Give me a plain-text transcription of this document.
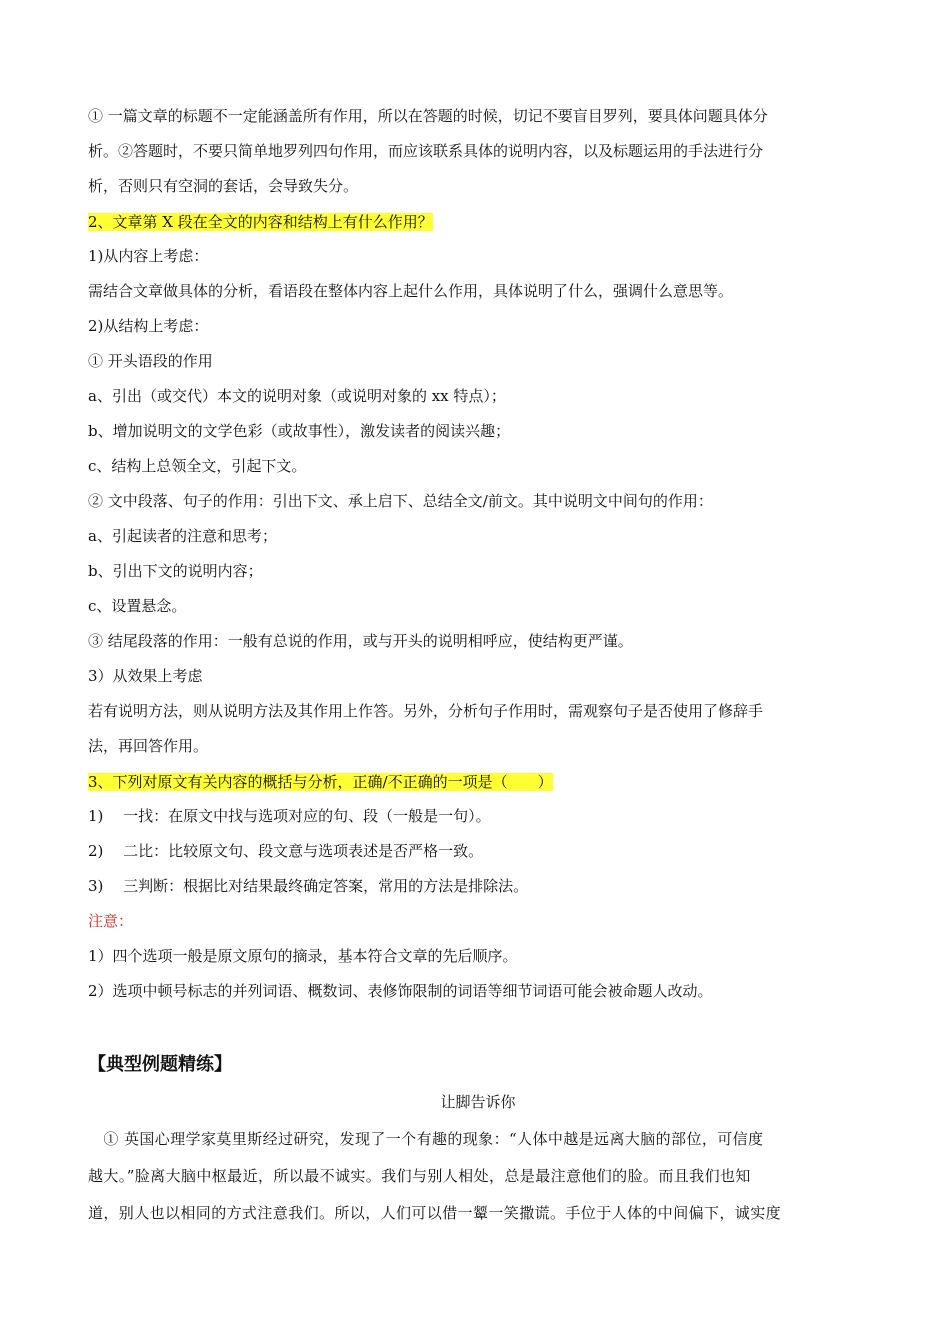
① 一篇文章的标题不一定能涵盖所有作用，所以在答题的时候，切记不要盲目罗列，要具体问题具体分
析。②答题时，不要只简单地罗列四句作用，而应该联系具体的说明内容，以及标题运用的手法进行分
析，否则只有空洞的套话，会导致失分。
2、文章第 X 段在全文的内容和结构上有什么作用？
1)从内容上考虑：
需结合文章做具体的分析，看语段在整体内容上起什么作用，具体说明了什么，强调什么意思等。
2)从结构上考虑：
① 开头语段的作用
a、引出（或交代）本文的说明对象（或说明对象的 xx 特点）；
b、增加说明文的文学色彩（或故事性），激发读者的阅读兴趣；
c、结构上总领全文，引起下文。
② 文中段落、句子的作用：引出下文、承上启下、总结全文/前文。其中说明文中间句的作用：
a、引起读者的注意和思考；
b、引出下文的说明内容；
c、设置悬念。
③ 结尾段落的作用：一般有总说的作用，或与开头的说明相呼应，使结构更严谨。
3）从效果上考虑
若有说明方法，则从说明方法及其作用上作答。另外，分析句子作用时，需观察句子是否使用了修辞手
法，再回答作用。
3、下列对原文有关内容的概括与分析，正确/不正确的一项是（　　）
1)　 一找：在原文中找与选项对应的句、段（一般是一句）。
2)　 二比：比较原文句、段文意与选项表述是否严格一致。
3)　 三判断：根据比对结果最终确定答案，常用的方法是排除法。
注意：
1）四个选项一般是原文原句的摘录，基本符合文章的先后顺序。
2）选项中顿号标志的并列词语、概数词、表修饰限制的词语等细节词语可能会被命题人改动。
【典型例题精练】
让脚告诉你
　① 英国心理学家莫里斯经过研究，发现了一个有趣的现象：“人体中越是远离大脑的部位，可信度
越大。”脸离大脑中枢最近，所以最不诚实。我们与别人相处，总是最注意他们的脸。而且我们也知
道，别人也以相同的方式注意我们。所以，人们可以借一颦一笑撒谎。手位于人体的中间偏下，诚实度
